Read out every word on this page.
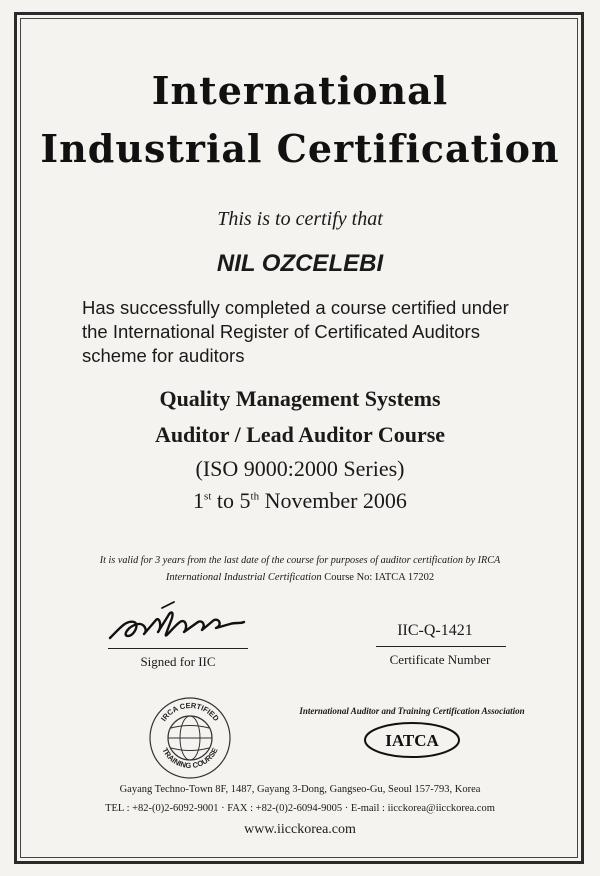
International
Industrial Certification
This is to certify that
NIL OZCELEBI
Has successfully completed a course certified under
the International Register of Certificated Auditors
scheme for auditors
Quality Management Systems
Auditor / Lead Auditor Course
(ISO 9000:2000 Series)
1st to 5th November 2006
It is valid for 3 years from the last date of the course for purposes of auditor certification by IRCA
International Industrial Certification Course No: IATCA 17202
Signed for IIC
IIC-Q-1421
Certificate Number
IRCA CERTIFIED
TRAINING COURSE
International Auditor and Training Certification Association
IATCA
Gayang Techno-Town 8F, 1487, Gayang 3-Dong, Gangseo-Gu, Seoul 157-793, Korea
TEL : +82-(0)2-6092-9001 · FAX : +82-(0)2-6094-9005 · E-mail : iicckorea@iicckorea.com
www.iicckorea.com
